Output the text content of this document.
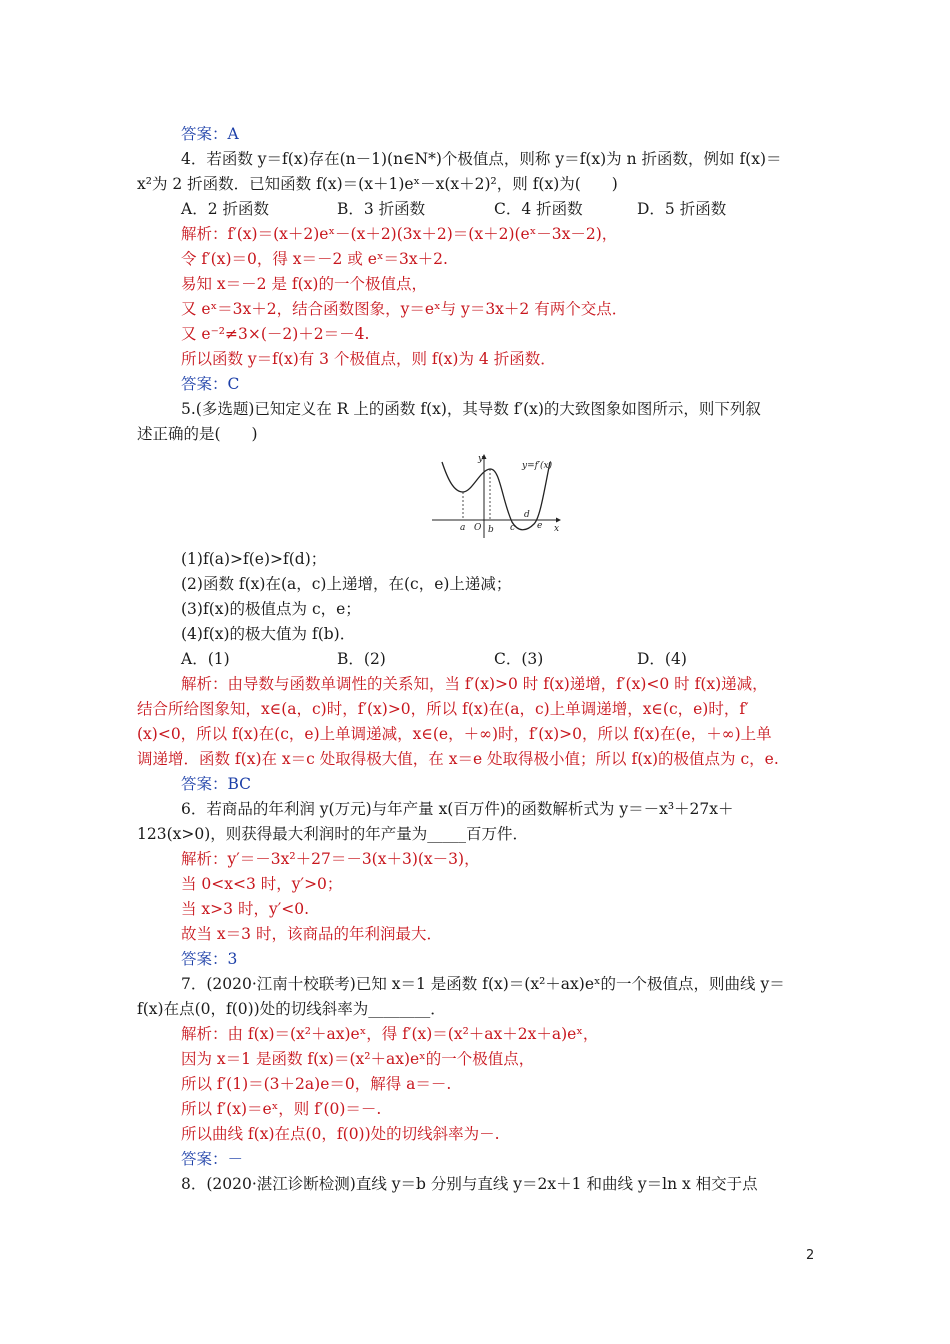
答案：A
4．若函数 y＝f(x)存在(n－1)(n∈N*)个极值点，则称 y＝f(x)为 n 折函数，例如 f(x)＝
x²为 2 折函数．已知函数 f(x)＝(x＋1)eˣ－x(x＋2)²，则 f(x)为(　　)
解析：f′(x)＝(x＋2)eˣ－(x＋2)(3x＋2)＝(x＋2)(eˣ－3x－2)，
令 f′(x)＝0，得 x＝－2 或 eˣ＝3x＋2.
易知 x＝－2 是 f(x)的一个极值点，
又 eˣ＝3x＋2，结合函数图象，y＝eˣ与 y＝3x＋2 有两个交点．
又 e⁻²≠3×(－2)＋2＝－4.
所以函数 y＝f(x)有 3 个极值点，则 f(x)为 4 折函数．
答案：C
5.(多选题)已知定义在 R 上的函数 f(x)，其导数 f′(x)的大致图象如图所示，则下列叙
述正确的是(　　)
(1)f(a)>f(e)>f(d)；
(2)函数 f(x)在(a，c)上递增，在(c，e)上递减；
(3)f(x)的极值点为 c，e；
(4)f(x)的极大值为 f(b)．
解析：由导数与函数单调性的关系知，当 f′(x)>0 时 f(x)递增，f′(x)<0 时 f(x)递减，
结合所给图象知，x∈(a，c)时，f′(x)>0，所以 f(x)在(a，c)上单调递增，x∈(c，e)时，f′
(x)<0，所以 f(x)在(c，e)上单调递减，x∈(e，＋∞)时，f′(x)>0，所以 f(x)在(e，＋∞)上单
调递增．函数 f(x)在 x＝c 处取得极大值，在 x＝e 处取得极小值；所以 f(x)的极值点为 c，e.
答案：BC
6．若商品的年利润 y(万元)与年产量 x(百万件)的函数解析式为 y＝－x³＋27x＋
123(x>0)，则获得最大利润时的年产量为_____百万件．
解析：y′＝－3x²＋27＝－3(x＋3)(x－3)，
当 0<x<3 时，y′>0；
当 x>3 时，y′<0.
故当 x＝3 时，该商品的年利润最大．
答案：3
7．(2020·江南十校联考)已知 x＝1 是函数 f(x)＝(x²＋ax)eˣ的一个极值点，则曲线 y＝
f(x)在点(0，f(0))处的切线斜率为________．
解析：由 f(x)＝(x²＋ax)eˣ，得 f′(x)＝(x²＋ax＋2x＋a)eˣ，
因为 x＝1 是函数 f(x)＝(x²＋ax)eˣ的一个极值点，
所以 f′(1)＝(3＋2a)e＝0，解得 a＝－.
所以 f′(x)＝eˣ，则 f′(0)＝－.
所以曲线 f(x)在点(0，f(0))处的切线斜率为－.
答案：－
8．(2020·湛江诊断检测)直线 y＝b 分别与直线 y＝2x＋1 和曲线 y＝ln x 相交于点
A．2 折函数	B．3 折函数	C．4 折函数	D．5 折函数
A．(1)	B．(2)	C．(3)	D．(4)
y=f′(x)
y
x
a O b c
d
e
2
